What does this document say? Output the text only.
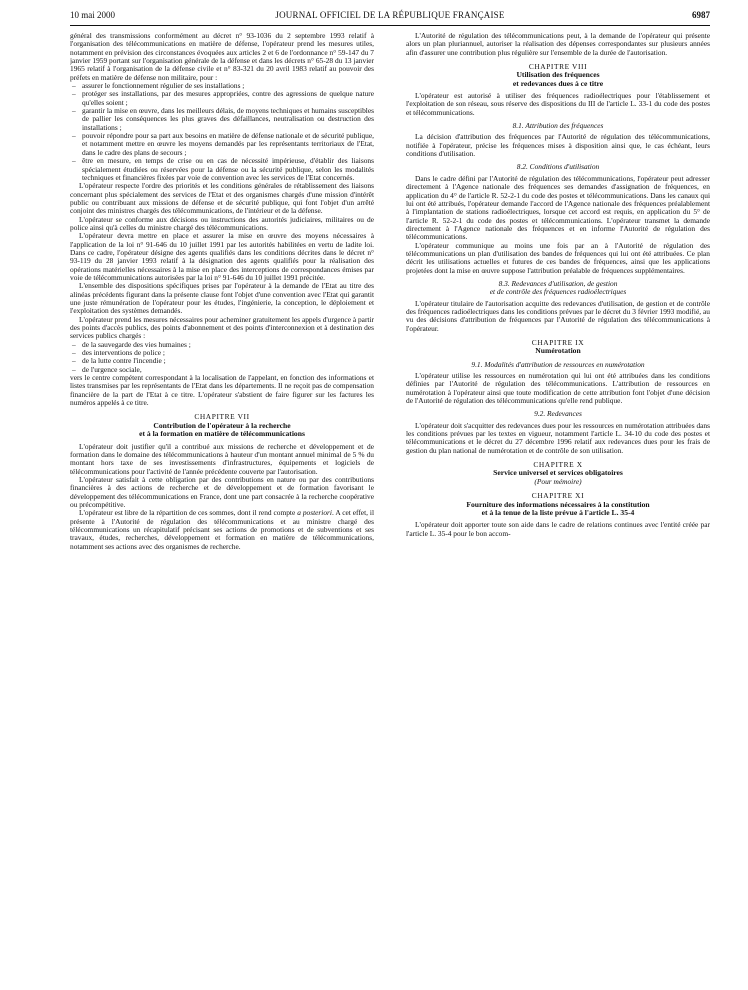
10 mai 2000	JOURNAL OFFICIEL DE LA RÉPUBLIQUE FRANÇAISE	6987

général des transmissions conformément au décret n° 93-1036 du 2 septembre 1993 relatif à l'organisation des télécommunications en matière de défense, l'opérateur prend les mesures utiles, notamment en prévision des circonstances évoquées aux articles 2 et 6 de l'ordonnance n° 59-147 du 7 janvier 1959 portant sur l'organisation générale de la défense et dans les décrets n° 65-28 du 13 janvier 1965 relatif à l'organisation de la défense civile et n° 83-321 du 20 avril 1983 relatif au pouvoir des préfets en matière de défense non militaire, pour :

– assurer le fonctionnement régulier de ses installations ;
– protéger ses installations, par des mesures appropriées, contre des agressions de quelque nature qu'elles soient ;
– garantir la mise en œuvre, dans les meilleurs délais, de moyens techniques et humains susceptibles de pallier les conséquences les plus graves des défaillances, neutralisation ou destruction des installations ;
– pouvoir répondre pour sa part aux besoins en matière de défense nationale et de sécurité publique, et notamment mettre en œuvre les moyens demandés par les représentants territoriaux de l'Etat, dans le cadre des plans de secours ;
– être en mesure, en temps de crise ou en cas de nécessité impérieuse, d'établir des liaisons spécialement étudiées ou réservées pour la défense ou la sécurité publique, selon les modalités techniques et financières fixées par voie de convention avec les services de l'Etat concernés.

L'opérateur respecte l'ordre des priorités et les conditions générales de rétablissement des liaisons concernant plus spécialement des services de l'Etat et des organismes chargés d'une mission d'intérêt public ou contribuant aux missions de défense et de sécurité publique, qui font l'objet d'un arrêté conjoint des ministres chargés des télécommunications, de l'intérieur et de la défense.

L'opérateur se conforme aux décisions ou instructions des autorités judiciaires, militaires ou de police ainsi qu'à celles du ministre chargé des télécommunications.

L'opérateur devra mettre en place et assurer la mise en œuvre des moyens nécessaires à l'application de la loi n° 91-646 du 10 juillet 1991 par les autorités habilitées en vertu de ladite loi. Dans ce cadre, l'opérateur désigne des agents qualifiés dans les conditions décrites dans le décret n° 93-119 du 28 janvier 1993 relatif à la désignation des agents qualifiés pour la réalisation des opérations matérielles nécessaires à la mise en place des interceptions de correspondances émises par voie de télécommunications autorisées par la loi n° 91-646 du 10 juillet 1991 précitée.

L'ensemble des dispositions spécifiques prises par l'opérateur à la demande de l'Etat au titre des alinéas précédents figurant dans la présente clause font l'objet d'une convention avec l'Etat qui garantit une juste rémunération de l'opérateur pour les études, l'ingénierie, la conception, le déploiement et l'exploitation des systèmes demandés.

L'opérateur prend les mesures nécessaires pour acheminer gratuitement les appels d'urgence à partir des points d'accès publics, des points d'abonnement et des points d'interconnexion et à destination des services publics chargés :

– de la sauvegarde des vies humaines ;
– des interventions de police ;
– de la lutte contre l'incendie ;
– de l'urgence sociale,

vers le centre compétent correspondant à la localisation de l'appelant, en fonction des informations et listes transmises par les représentants de l'Etat dans les départements. Il ne reçoit pas de compensation financière de la part de l'Etat à ce titre. L'opérateur s'abstient de faire figurer sur les factures les numéros appelés à ce titre.

CHAPITRE VII
Contribution de l'opérateur à la recherche
et à la formation en matière de télécommunications

L'opérateur doit justifier qu'il a contribué aux missions de recherche et développement et de formation dans le domaine des télécommunications à hauteur d'un montant annuel minimal de 5 % du montant hors taxe de ses investissements d'infrastructures, équipements et logiciels de télécommunications pour l'activité de l'année précédente couverte par l'autorisation.

L'opérateur satisfait à cette obligation par des contributions en nature ou par des contributions financières à des actions de recherche et de développement et de formation favorisant le développement des télécommunications en France, dont une part consacrée à la recherche coopérative ou précompétitive.

L'opérateur est libre de la répartition de ces sommes, dont il rend compte a posteriori. A cet effet, il présente à l'Autorité de régulation des télécommunications et au ministre chargé des télécommunications un récapitulatif précisant ses actions de promotions et de subventions et ses travaux, études, recherches, développement et formation en matière de télécommunications, notamment ses actions avec des organismes de recherche.

L'Autorité de régulation des télécommunications peut, à la demande de l'opérateur qui présente alors un plan pluriannuel, autoriser la réalisation des dépenses correspondantes sur plusieurs années afin d'assurer une contribution plus régulière sur l'ensemble de la durée de l'autorisation.

CHAPITRE VIII
Utilisation des fréquences
et redevances dues à ce titre

L'opérateur est autorisé à utiliser des fréquences radioélectriques pour l'établissement et l'exploitation de son réseau, sous réserve des dispositions du III de l'article L. 33-1 du code des postes et télécommunications.

8.1. Attribution des fréquences

La décision d'attribution des fréquences par l'Autorité de régulation des télécommunications, notifiée à l'opérateur, précise les fréquences mises à disposition ainsi que, le cas échéant, leurs conditions d'utilisation.

8.2. Conditions d'utilisation

Dans le cadre défini par l'Autorité de régulation des télécommunications, l'opérateur peut adresser directement à l'Agence nationale des fréquences ses demandes d'assignation de fréquences, en application du 4° de l'article R. 52-2-1 du code des postes et télécommunications. Dans les canaux qui lui ont été attribués, l'opérateur demande l'accord de l'Agence nationale des fréquences préalablement à l'implantation de stations radioélectriques, lorsque cet accord est requis, en application du 5° de l'article R. 52-2-1 du code des postes et télécommunications. L'opérateur transmet la demande directement à l'Agence nationale des fréquences et en informe l'Autorité de régulation des télécommunications.

L'opérateur communique au moins une fois par an à l'Autorité de régulation des télécommunications un plan d'utilisation des bandes de fréquences qui lui ont été attribuées. Ce plan décrit les utilisations actuelles et futures de ces bandes de fréquences, ainsi que les applications projetées dont la mise en œuvre suppose l'attribution préalable de fréquences supplémentaires.

8.3. Redevances d'utilisation, de gestion
et de contrôle des fréquences radioélectriques

L'opérateur titulaire de l'autorisation acquitte des redevances d'utilisation, de gestion et de contrôle des fréquences radioélectriques dans les conditions prévues par le décret du 3 février 1993 modifié, au vu des décisions d'attribution de fréquences par l'Autorité de régulation des télécommunications à l'opérateur.

CHAPITRE IX
Numérotation
9.1. Modalités d'attribution de ressources en numérotation

L'opérateur utilise les ressources en numérotation qui lui ont été attribuées dans les conditions définies par l'Autorité de régulation des télécommunications. L'attribution de ressources en numérotation à l'opérateur ainsi que toute modification de cette attribution font l'objet d'une décision de l'Autorité de régulation des télécommunications qu'elle rend publique.

9.2. Redevances

L'opérateur doit s'acquitter des redevances dues pour les ressources en numérotation attribuées dans les conditions prévues par les textes en vigueur, notamment l'article L. 34-10 du code des postes et télécommunications et le décret du 27 décembre 1996 relatif aux redevances dues pour les frais de gestion du plan national de numérotation et de contrôle de son utilisation.

CHAPITRE X
Service universel et services obligatoires
(Pour mémoire)
CHAPITRE XI
Fourniture des informations nécessaires à la constitution
et à la tenue de la liste prévue à l'article L. 35-4

L'opérateur doit apporter toute son aide dans le cadre de relations continues avec l'entité créée par l'article L. 35-4 pour le bon accom-
